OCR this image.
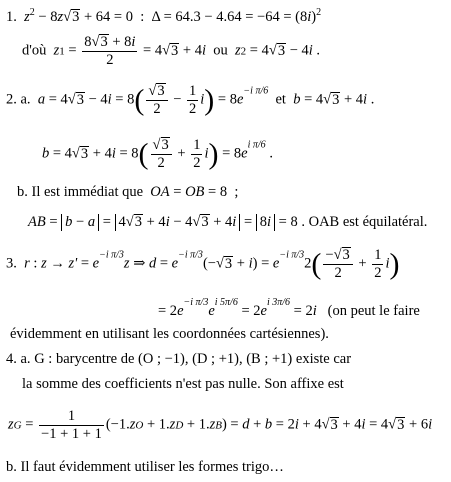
1.  $z^2 - 8z√3 + 64 = 0$  :  $\Delta = 64.3 - 4.64 = -64 = (8i)^2$
d'où  $z1 = \frac{8√3 + 8i}{2} = 4√3 + 4i$ ou  z2 = 4√3 − 4i .
2. a.  $a = 4√3 - 4i = 8( \frac{√3}{2} - \frac{1}{2} i) = 8e^{-i \pi/6}$  et b = 4√3 + 4i .
$b = 4√3 + 4i = 8( \frac{√3}{2} + \frac{1}{2} i) = 8e^{i \pi/6}$ .
b. Il est immédiat que  OA = OB = 8  ;
AB = b − a = 4√3 + 4i − 4√3 + 4i = 8i = 8 . OAB est équilatéral.
3.  r : $z \to z' = e^{-i \pi/3}z$ ⇒ $d = e^{-i \pi/3}(-√3 + i) = e^{-i \pi/3}2( \frac{-√3}{2} + \frac{1}{2} i)$
= $2e^{-i \pi/3}e^{i 5\pi/6} = 2e^{i 3\pi/6} = 2i$ (on peut le faire
évidemment en utilisant les coordonnées cartésiennes).
4. a. G : barycentre de (O ; −1), (D ; +1), (B ; +1) existe car
la somme des coefficients n'est pas nulle. Son affixe est
zG = $\frac{1}{-1 + 1 + 1} (-1.zO + 1.zD + 1.zB) = d + b = 2i + 4√3 + 4i = 4√3 + 6i$
b. Il faut évidemment utiliser les formes trigo…
